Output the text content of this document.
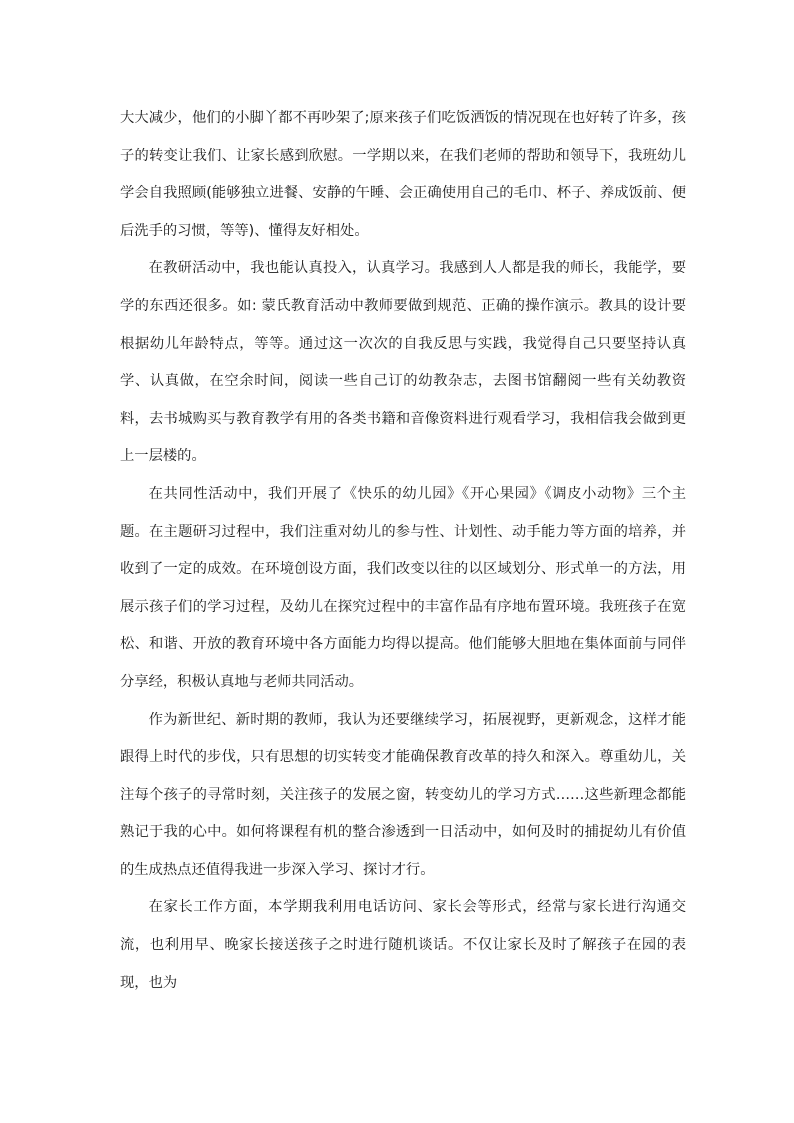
大大减少，他们的小脚丫都不再吵架了;原来孩子们吃饭洒饭的情况现在也好转了许多，孩子的转变让我们、让家长感到欣慰。一学期以来，在我们老师的帮助和领导下，我班幼儿学会自我照顾(能够独立进餐、安静的午睡、会正确使用自己的毛巾、杯子、养成饭前、便后洗手的习惯，等等)、懂得友好相处。

在教研活动中，我也能认真投入，认真学习。我感到人人都是我的师长，我能学，要学的东西还很多。如: 蒙氏教育活动中教师要做到规范、正确的操作演示。教具的设计要根据幼儿年龄特点，等等。通过这一次次的自我反思与实践，我觉得自己只要坚持认真学、认真做，在空余时间，阅读一些自己订的幼教杂志，去图书馆翻阅一些有关幼教资料，去书城购买与教育教学有用的各类书籍和音像资料进行观看学习，我相信我会做到更上一层楼的。

在共同性活动中，我们开展了《快乐的幼儿园》《开心果园》《调皮小动物》三个主题。在主题研习过程中，我们注重对幼儿的参与性、计划性、动手能力等方面的培养，并收到了一定的成效。在环境创设方面，我们改变以往的以区域划分、形式单一的方法，用展示孩子们的学习过程，及幼儿在探究过程中的丰富作品有序地布置环境。我班孩子在宽松、和谐、开放的教育环境中各方面能力均得以提高。他们能够大胆地在集体面前与同伴分享经，积极认真地与老师共同活动。

作为新世纪、新时期的教师，我认为还要继续学习，拓展视野，更新观念，这样才能跟得上时代的步伐，只有思想的切实转变才能确保教育改革的持久和深入。尊重幼儿，关注每个孩子的寻常时刻，关注孩子的发展之窗，转变幼儿的学习方式……这些新理念都能熟记于我的心中。如何将课程有机的整合渗透到一日活动中，如何及时的捕捉幼儿有价值的生成热点还值得我进一步深入学习、探讨才行。

在家长工作方面，本学期我利用电话访问、家长会等形式，经常与家长进行沟通交流，也利用早、晚家长接送孩子之时进行随机谈话。不仅让家长及时了解孩子在园的表现，也为
